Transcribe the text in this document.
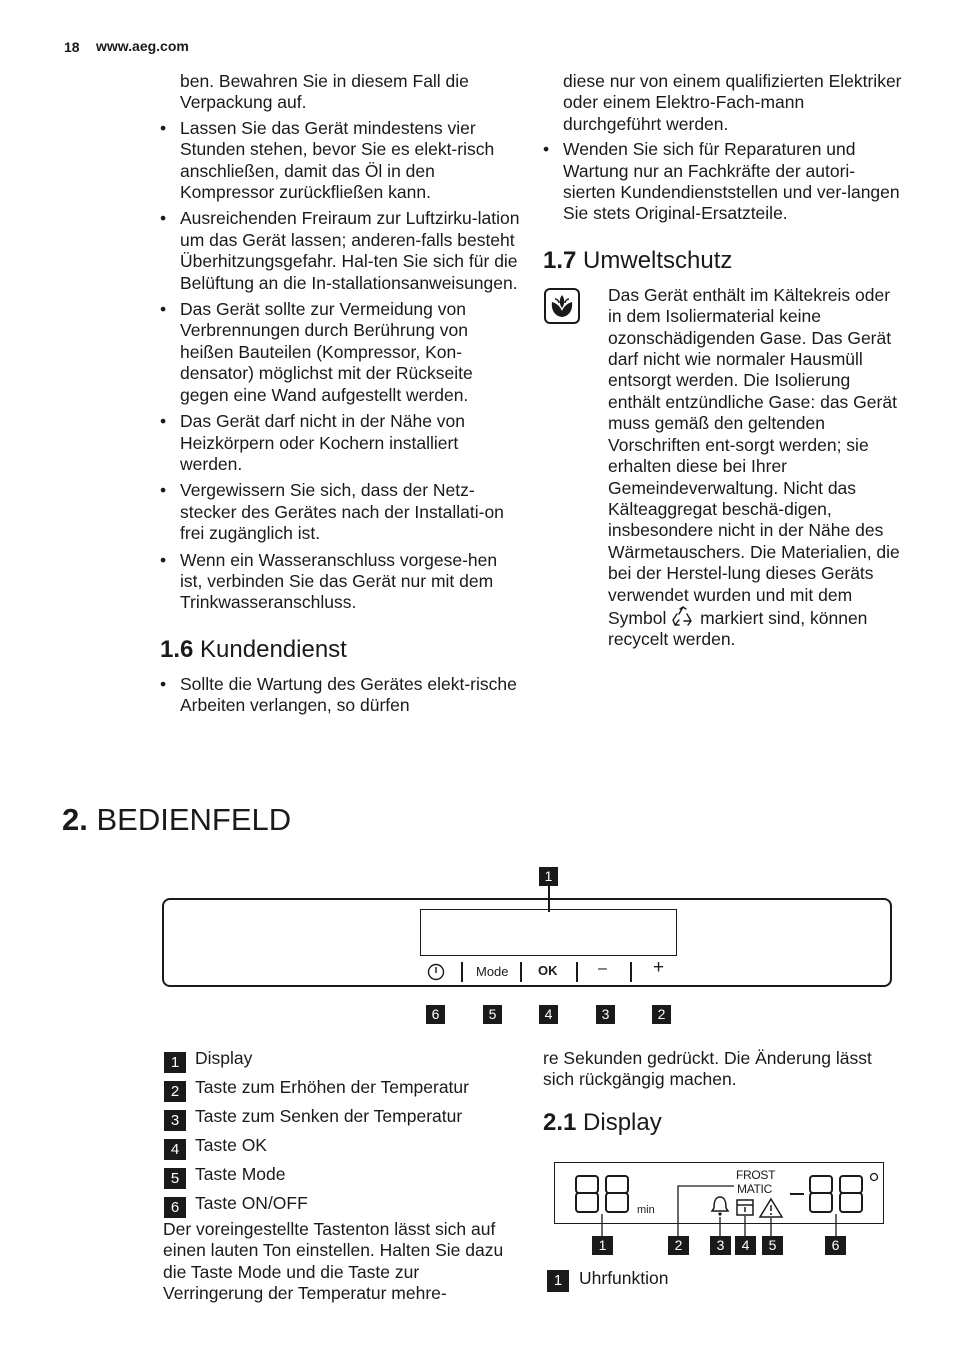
18 www.aeg.com

ben. Bewahren Sie in diesem Fall die Verpackung auf.

• Lassen Sie das Gerät mindestens vier Stunden stehen, bevor Sie es elekt-risch anschließen, damit das Öl in den Kompressor zurückfließen kann.
• Ausreichenden Freiraum zur Luftzirku-lation um das Gerät lassen; anderen-falls besteht Überhitzungsgefahr. Hal-ten Sie sich für die Belüftung an die In-stallationsanweisungen.
• Das Gerät sollte zur Vermeidung von Verbrennungen durch Berührung von heißen Bauteilen (Kompressor, Kon-densator) möglichst mit der Rückseite gegen eine Wand aufgestellt werden.
• Das Gerät darf nicht in der Nähe von Heizkörpern oder Kochern installiert werden.
• Vergewissern Sie sich, dass der Netz-stecker des Gerätes nach der Installati-on frei zugänglich ist.
• Wenn ein Wasseranschluss vorgese-hen ist, verbinden Sie das Gerät nur mit dem Trinkwasseranschluss.
1.6 Kundendienst
• Sollte die Wartung des Gerätes elekt-rische Arbeiten verlangen, so dürfen

diese nur von einem qualifizierten Elektriker oder einem Elektro-Fach-mann durchgeführt werden.

• Wenden Sie sich für Reparaturen und Wartung nur an Fachkräfte der autori-sierten Kundendienststellen und ver-langen Sie stets Original-Ersatzteile.
1.7 Umweltschutz
Das Gerät enthält im Kältekreis oder in dem Isoliermaterial keine ozonschädigenden Gase. Das Gerät darf nicht wie normaler Hausmüll entsorgt werden. Die Isolierung enthält entzündliche Gase: das Gerät muss gemäß den geltenden Vorschriften ent-sorgt werden; sie erhalten diese bei Ihrer Gemeindeverwaltung. Nicht das Kälteaggregat beschä-digen, insbesondere nicht in der Nähe des Wärmetauschers. Die Materialien, die bei der Herstel-lung dieses Geräts verwendet wurden und mit dem Symbol markiert sind, können recycelt werden.
2. BEDIENFELD
1
Mode OK	– +
6	5	4	3	2
1 Display
2 Taste zum Erhöhen der Temperatur
3 Taste zum Senken der Temperatur
4 Taste OK
5 Taste Mode
6 Taste ON/OFF
Der voreingestellte Tastenton lässt sich auf einen lauten Ton einstellen. Halten Sie dazu die Taste Mode und die Taste zur Verringerung der Temperatur mehre-
re Sekunden gedrückt. Die Änderung lässt sich rückgängig machen.
2.1 Display
min
FROST
MATIC
1	2	3	4	5	6
1 Uhrfunktion
